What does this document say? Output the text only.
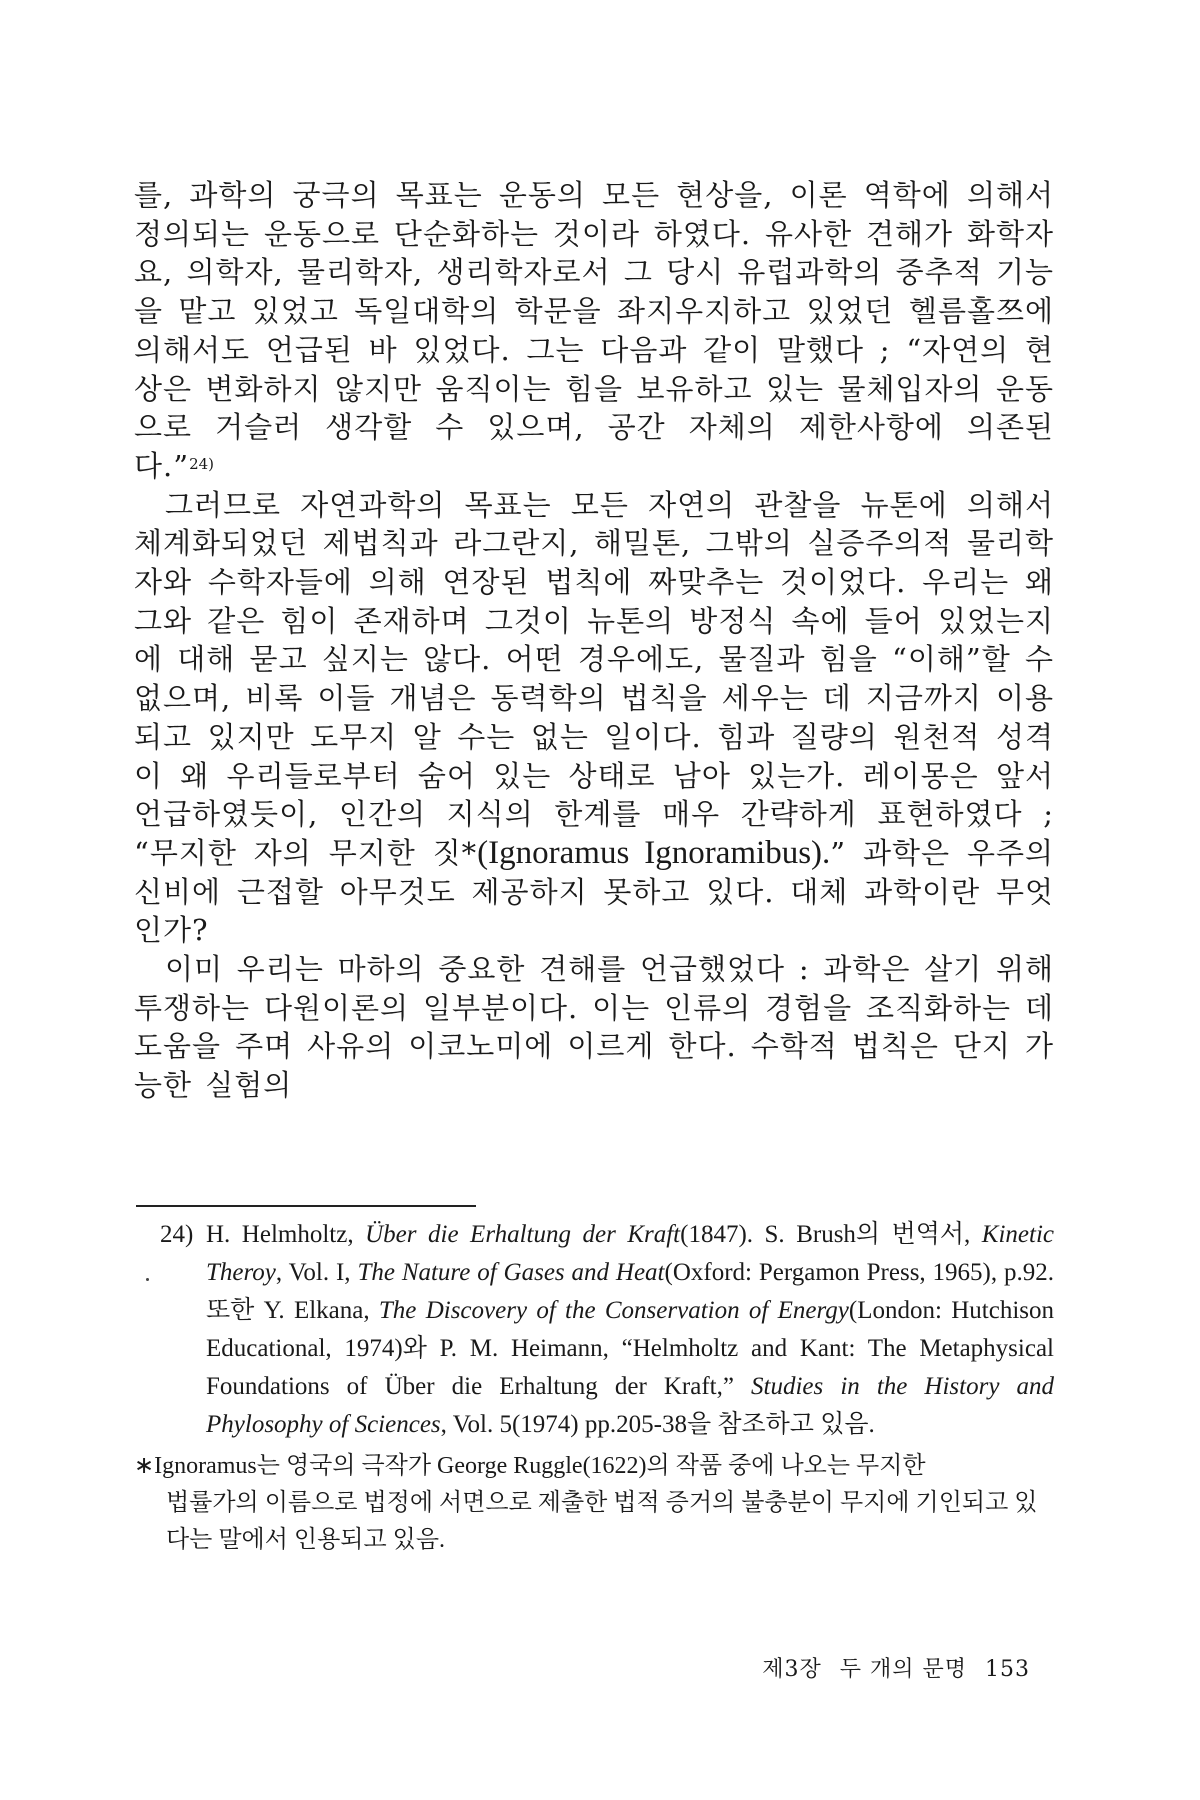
를, 과학의 궁극의 목표는 운동의 모든 현상을, 이론 역학에 의해서 정의되는 운동으로 단순화하는 것이라 하였다. 유사한 견해가 화학자요, 의학자, 물리학자, 생리학자로서 그 당시 유럽과학의 중추적 기능을 맡고 있었고 독일대학의 학문을 좌지우지하고 있었던 헬름홀쯔에 의해서도 언급된 바 있었다. 그는 다음과 같이 말했다 ; “자연의 현상은 변화하지 않지만 움직이는 힘을 보유하고 있는 물체입자의 운동으로 거슬러 생각할 수 있으며, 공간 자체의 제한사항에 의존된다.”$^{24)}$

그러므로 자연과학의 목표는 모든 자연의 관찰을 뉴톤에 의해서 체계화되었던 제법칙과 라그란지, 해밀톤, 그밖의 실증주의적 물리학자와 수학자들에 의해 연장된 법칙에 짜맞추는 것이었다. 우리는 왜 그와 같은 힘이 존재하며 그것이 뉴톤의 방정식 속에 들어 있었는지에 대해 묻고 싶지는 않다. 어떤 경우에도, 물질과 힘을 “이해”할 수 없으며, 비록 이들 개념은 동력학의 법칙을 세우는 데 지금까지 이용되고 있지만 도무지 알 수는 없는 일이다. 힘과 질량의 원천적 성격이 왜 우리들로부터 숨어 있는 상태로 남아 있는가. 레이몽은 앞서 언급하였듯이, 인간의 지식의 한계를 매우 간략하게 표현하였다 ; “무지한 자의 무지한 짓*(Ignoramus Ignoramibus).” 과학은 우주의 신비에 근접할 아무것도 제공하지 못하고 있다. 대체 과학이란 무엇인가?

이미 우리는 마하의 중요한 견해를 언급했었다 : 과학은 살기 위해 투쟁하는 다원이론의 일부분이다. 이는 인류의 경험을 조직화하는 데 도움을 주며 사유의 이코노미에 이르게 한다. 수학적 법칙은 단지 가능한 실험의

24) H. Helmholtz, Über die Erhaltung der Kraft(1847). S. Brush의 번역서, Kinetic Theroy, Vol. I, The Nature of Gases and Heat(Oxford: Pergamon Press, 1965), p.92. 또한 Y. Elkana, The Discovery of the Conservation of Energy(London: Hutchison Educational, 1974)와 P. M. Heimann, “Helmholtz and Kant: The Metaphysical Foundations of Über die Erhaltung der Kraft,” Studies in the History and Phylosophy of Sciences, Vol. 5(1974) pp.205-38을 참조하고 있음.
∗Ignoramus는 영국의 극작가 George Ruggle(1622)의 작품 중에 나오는 무지한
법률가의 이름으로 법정에 서면으로 제출한 법적 증거의 불충분이 무지에 기인되고 있다는 말에서 인용되고 있음.
제3장 두 개의 문명 153
